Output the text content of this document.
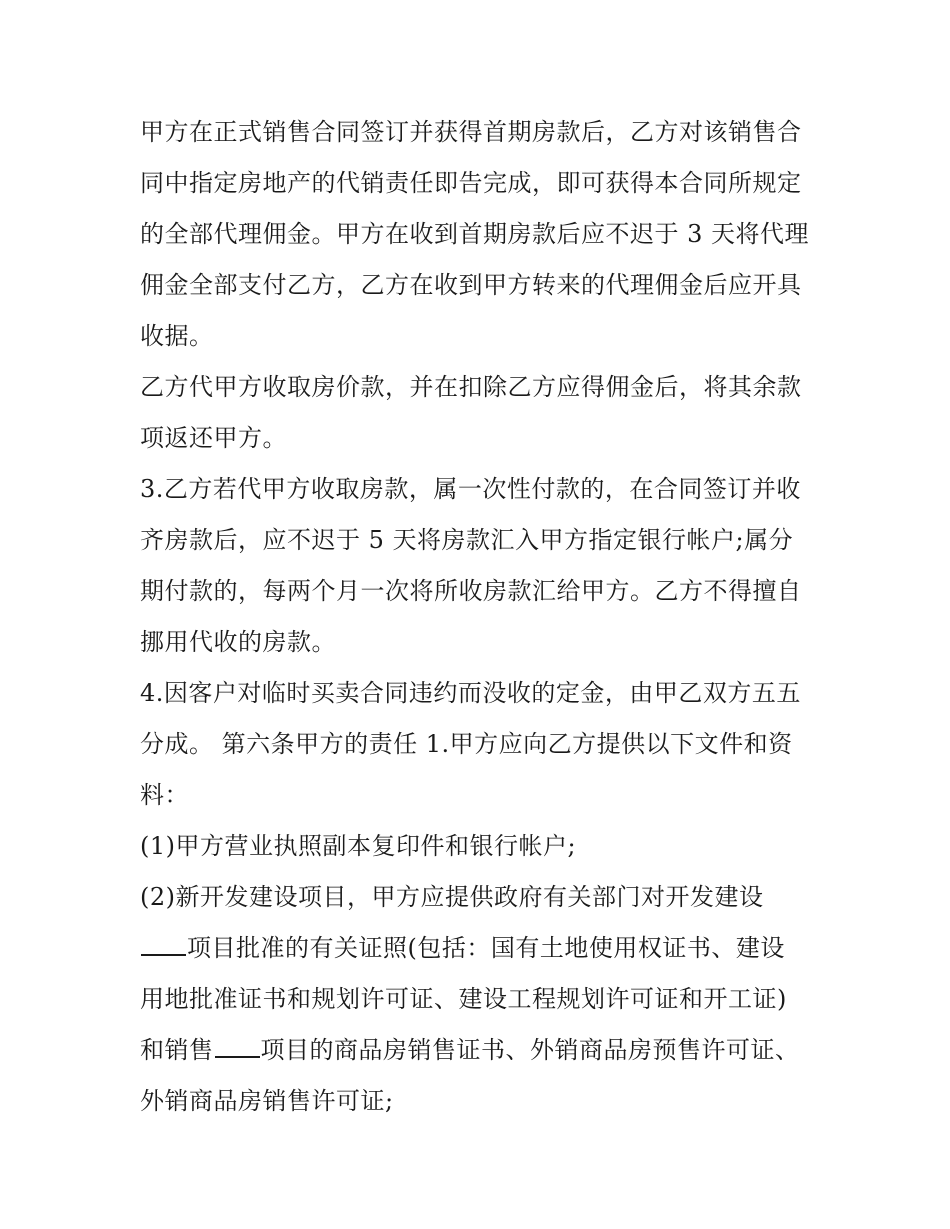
甲方在正式销售合同签订并获得首期房款后，乙方对该销售合
同中指定房地产的代销责任即告完成，即可获得本合同所规定
的全部代理佣金。甲方在收到首期房款后应不迟于 3 天将代理
佣金全部支付乙方，乙方在收到甲方转来的代理佣金后应开具
收据。

乙方代甲方收取房价款，并在扣除乙方应得佣金后，将其余款
项返还甲方。

3.乙方若代甲方收取房款，属一次性付款的，在合同签订并收
齐房款后，应不迟于 5 天将房款汇入甲方指定银行帐户;属分
期付款的，每两个月一次将所收房款汇给甲方。乙方不得擅自
挪用代收的房款。

4.因客户对临时买卖合同违约而没收的定金，由甲乙双方五五
分成。 第六条甲方的责任 1.甲方应向乙方提供以下文件和资
料：

(1)甲方营业执照副本复印件和银行帐户;

(2)新开发建设项目，甲方应提供政府有关部门对开发建设
项目批准的有关证照(包括：国有土地使用权证书、建设
用地批准证书和规划许可证、建设工程规划许可证和开工证)
和销售 项目的商品房销售证书、外销商品房预售许可证、
外销商品房销售许可证;
